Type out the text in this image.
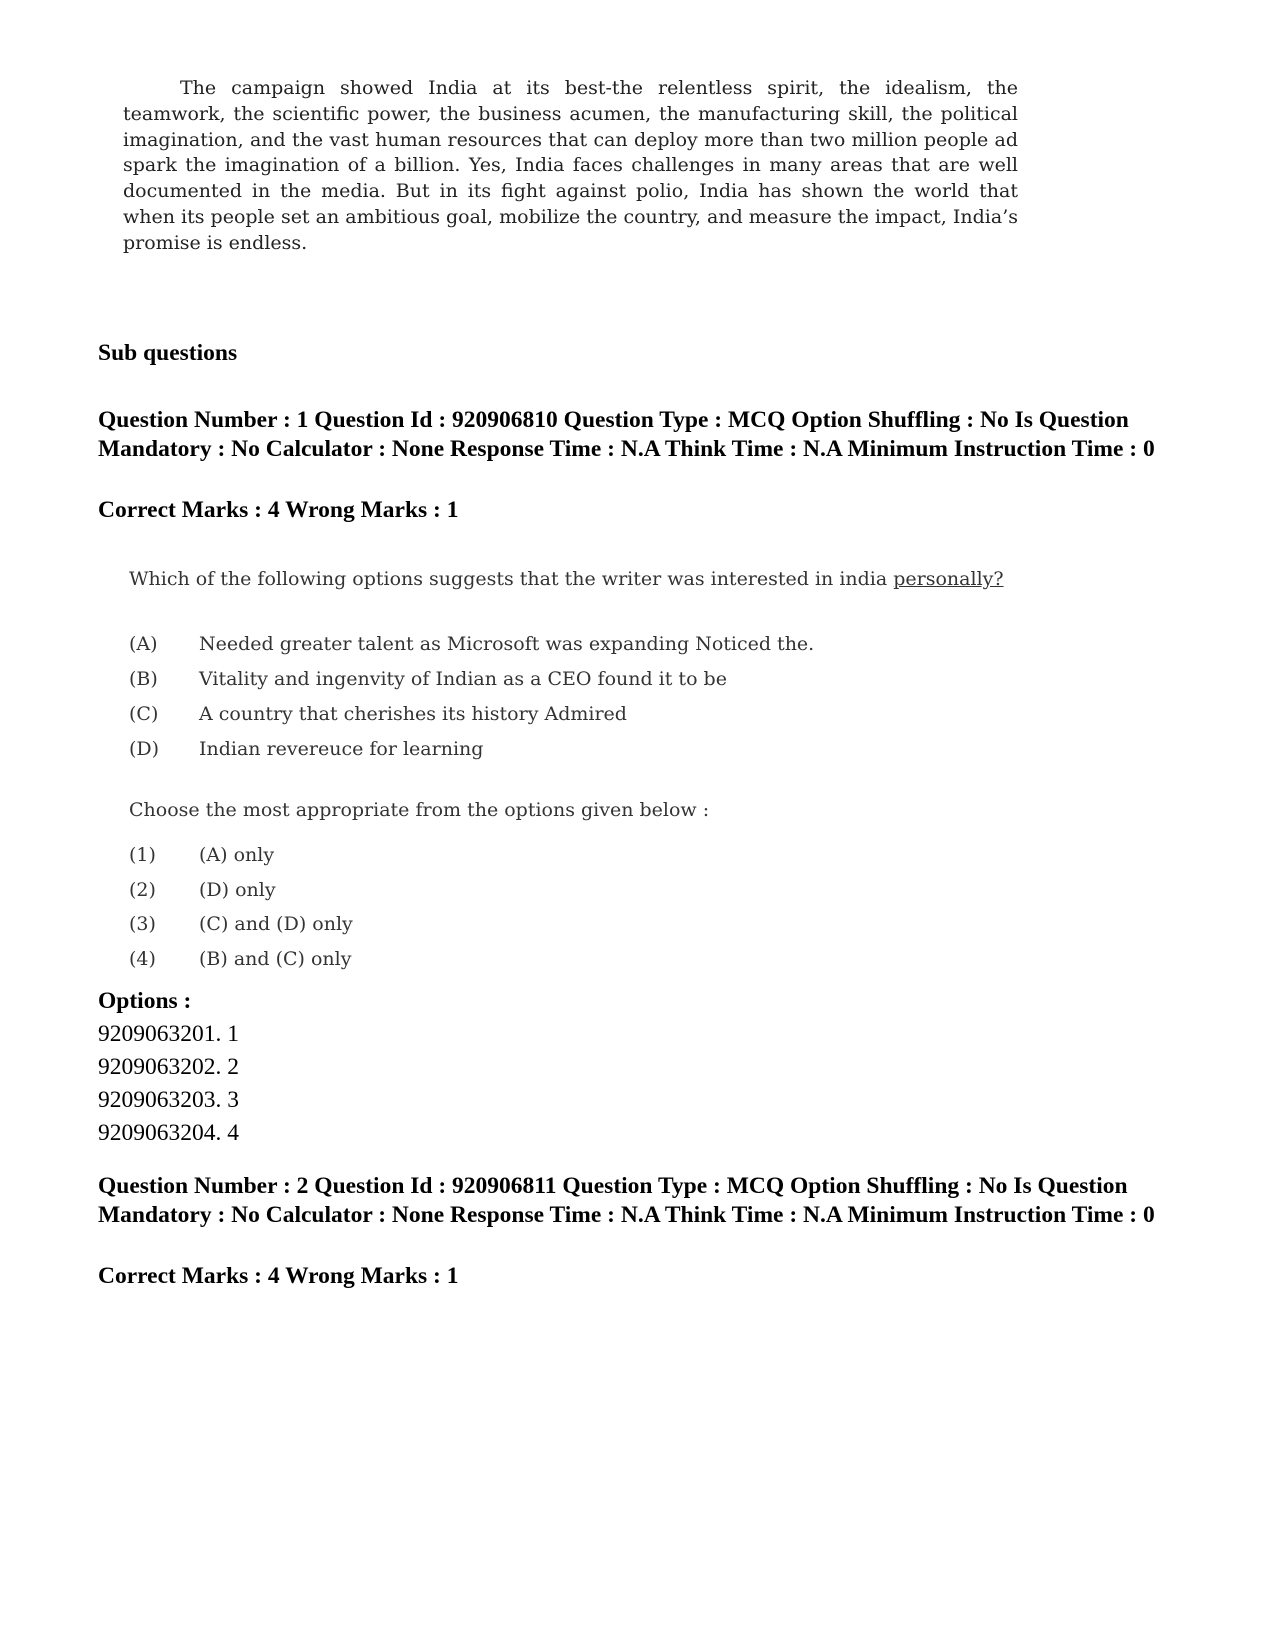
The campaign showed India at its best-the relentless spirit, the idealism, the teamwork, the scientific power, the business acumen, the manufacturing skill, the political imagination, and the vast human resources that can deploy more than two million people ad spark the imagination of a billion. Yes, India faces challenges in many areas that are well documented in the media. But in its fight against polio, India has shown the world that when its people set an ambitious goal, mobilize the country, and measure the impact, India’s promise is endless.

Sub questions
Question Number : 1 Question Id : 920906810 Question Type : MCQ Option Shuffling : No Is Question Mandatory : No Calculator : None Response Time : N.A Think Time : N.A Minimum Instruction Time : 0
Correct Marks : 4 Wrong Marks : 1

Which of the following options suggests that the writer was interested in india personally?

(A) Needed greater talent as Microsoft was expanding Noticed the.
(B) Vitality and ingenvity of Indian as a CEO found it to be
(C) A country that cherishes its history Admired
(D) Indian revereuce for learning
Choose the most appropriate from the options given below :
(1) (A) only
(2) (D) only
(3) (C) and (D) only
(4) (B) and (C) only
Options :
9209063201. 1
9209063202. 2
9209063203. 3
9209063204. 4
Question Number : 2 Question Id : 920906811 Question Type : MCQ Option Shuffling : No Is Question Mandatory : No Calculator : None Response Time : N.A Think Time : N.A Minimum Instruction Time : 0
Correct Marks : 4 Wrong Marks : 1
